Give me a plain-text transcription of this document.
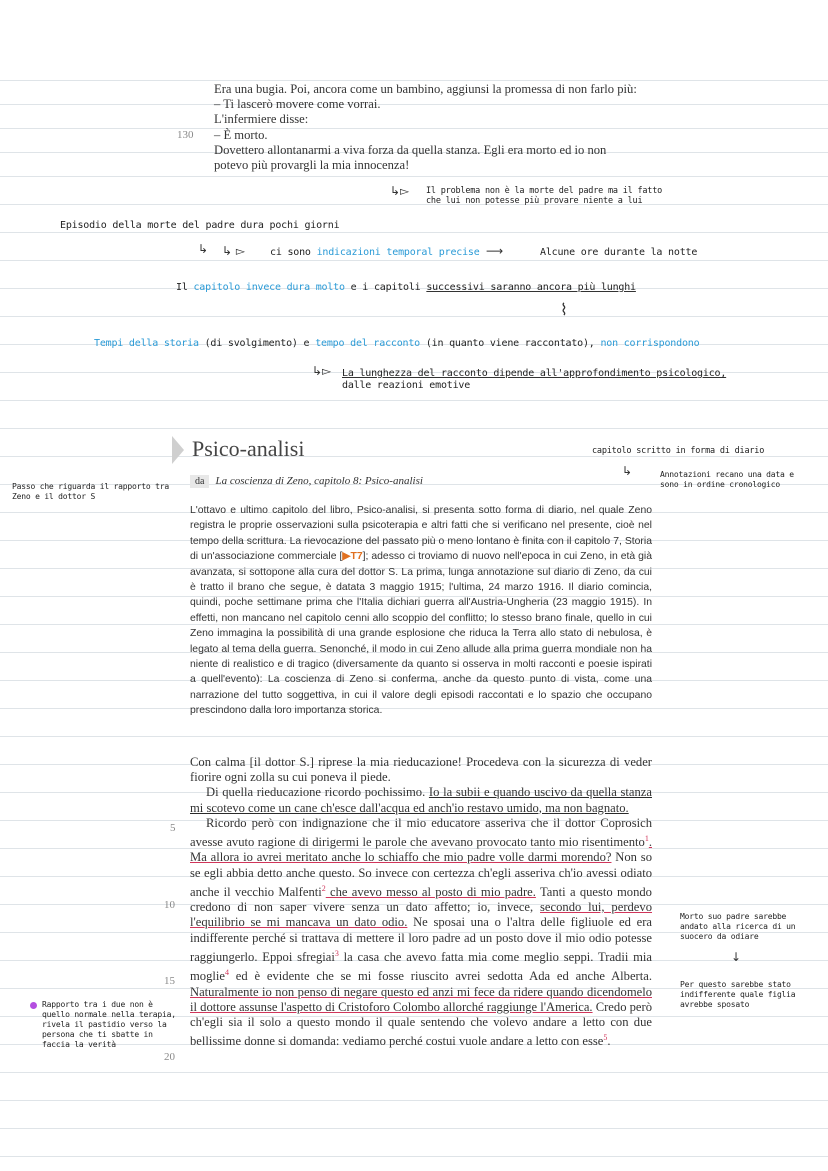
Era una bugia. Poi, ancora come un bambino, aggiunsi la promessa di non farlo più:

– Ti lascerò movere come vorrai.

L'infermiere disse:

– È morto.

Dovettero allontanarmi a viva forza da quella stanza. Egli era morto ed io non

potevo più provargli la mia innocenza!

130
↳▻ Il problema non è la morte del padre ma il fatto
che lui non potesse più provare niente a lui
Episodio della morte del padre dura pochi giorni
↳ ↳ ▻ ci sono indicazioni temporal precise ⟶	Alcune ore durante la notte
Il capitolo invece dura molto e i capitoli successivi saranno ancora più lunghi
⌇
Tempi della storia (di svolgimento) e tempo del racconto (in quanto viene raccontato), non corrispondono
↳▻ La lunghezza del racconto dipende all'approfondimento psicologico,
dalle reazioni emotive
capitolo scritto in forma di diario
↳	Annotazioni recano una data e sono in ordine cronologico
Passo che riguarda il rapporto tra Zeno e il dottor S
Morto suo padre sarebbe andato alla ricerca di un suocero da odiare
↓
Per questo sarebbe stato indifferente quale figlia avrebbe sposato
Rapporto tra i due non è quello normale nella terapia, rivela il pastidio verso la persona che ti sbatte in faccia la verità
Psico-analisi
da La coscienza di Zeno, capitolo 8: Psico-analisi

L'ottavo e ultimo capitolo del libro, Psico-analisi, si presenta sotto forma di diario, nel quale Zeno registra le proprie osservazioni sulla psicoterapia e altri fatti che si verificano nel presente, cioè nel tempo della scrittura. La rievocazione del passato più o meno lontano è finita con il capitolo 7, Storia di un'associazione commerciale [▶T7]; adesso ci troviamo di nuovo nell'epoca in cui Zeno, in età già avanzata, si sottopone alla cura del dottor S. La prima, lunga annotazione sul diario di Zeno, da cui è tratto il brano che segue, è datata 3 maggio 1915; l'ultima, 24 marzo 1916. Il diario comincia, quindi, poche settimane prima che l'Italia dichiari guerra all'Austria-Ungheria (23 maggio 1915). In effetti, non mancano nel capitolo cenni allo scoppio del conflitto; lo stesso brano finale, quello in cui Zeno immagina la possibilità di una grande esplosione che riduca la Terra allo stato di nebulosa, è legato al tema della guerra. Senonché, il modo in cui Zeno allude alla prima guerra mondiale non ha niente di realistico e di tragico (diversamente da quanto si osserva in molti racconti e poesie ispirati a quell'evento): La coscienza di Zeno si conferma, anche da questo punto di vista, come una narrazione del tutto soggettiva, in cui il valore degli episodi raccontati e lo spazio che occupano prescindono dalla loro importanza storica.

Con calma [il dottor S.] riprese la mia rieducazione! Procedeva con la sicurezza di veder fiorire ogni zolla su cui poneva il piede.

Di quella rieducazione ricordo pochissimo. Io la subii e quando uscivo da quella stanza mi scotevo come un cane ch'esce dall'acqua ed anch'io restavo umido, ma non bagnato.

Ricordo però con indignazione che il mio educatore asseriva che il dottor Coprosich avesse avuto ragione di dirigermi le parole che avevano provocato tanto mio risentimento$^1$. Ma allora io avrei meritato anche lo schiaffo che mio padre volle darmi morendo? Non so se egli abbia detto anche questo. So invece con certezza ch'egli asseriva ch'io avessi odiato anche il vecchio Malfenti$^2$ che avevo messo al posto di mio padre. Tanti a questo mondo credono di non saper vivere senza un dato affetto; io, invece, secondo lui, perdevo l'equilibrio se mi mancava un dato odio. Ne sposai una o l'altra delle figliuole ed era indifferente perché si trattava di mettere il loro padre ad un posto dove il mio odio potesse raggiungerlo. Eppoi sfregiai$^3$ la casa che avevo fatta mia come meglio seppi. Tradii mia moglie$^4$ ed è evidente che se mi fosse riuscito avrei sedotta Ada ed anche Alberta. Naturalmente io non penso di negare questo ed anzi mi fece da ridere quando dicendomelo il dottore assunse l'aspetto di Cristoforo Colombo allorché raggiunge l'America. Credo però ch'egli sia il solo a questo mondo il quale sentendo che volevo andare a letto con due bellissime donne si domanda: vediamo perché costui vuole andare a letto con esse$^5$.

5
10
15
20
